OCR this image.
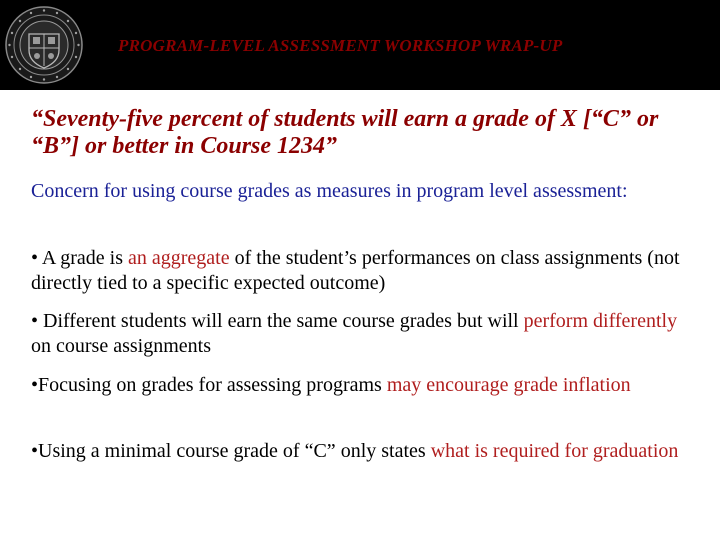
PROGRAM-LEVEL ASSESSMENT WORKSHOP WRAP-UP

“Seventy-five percent of students will earn a grade of X [“C” or “B”] or better in Course 1234”

Concern for using course grades as measures in program level assessment:

• A grade is an aggregate of the student’s performances on class assignments (not directly tied to a specific expected outcome)

• Different students will earn the same course grades but will perform differently on course assignments

•Focusing on grades for assessing programs may encourage grade inflation

•Using a minimal course grade of “C” only states what is required for graduation
